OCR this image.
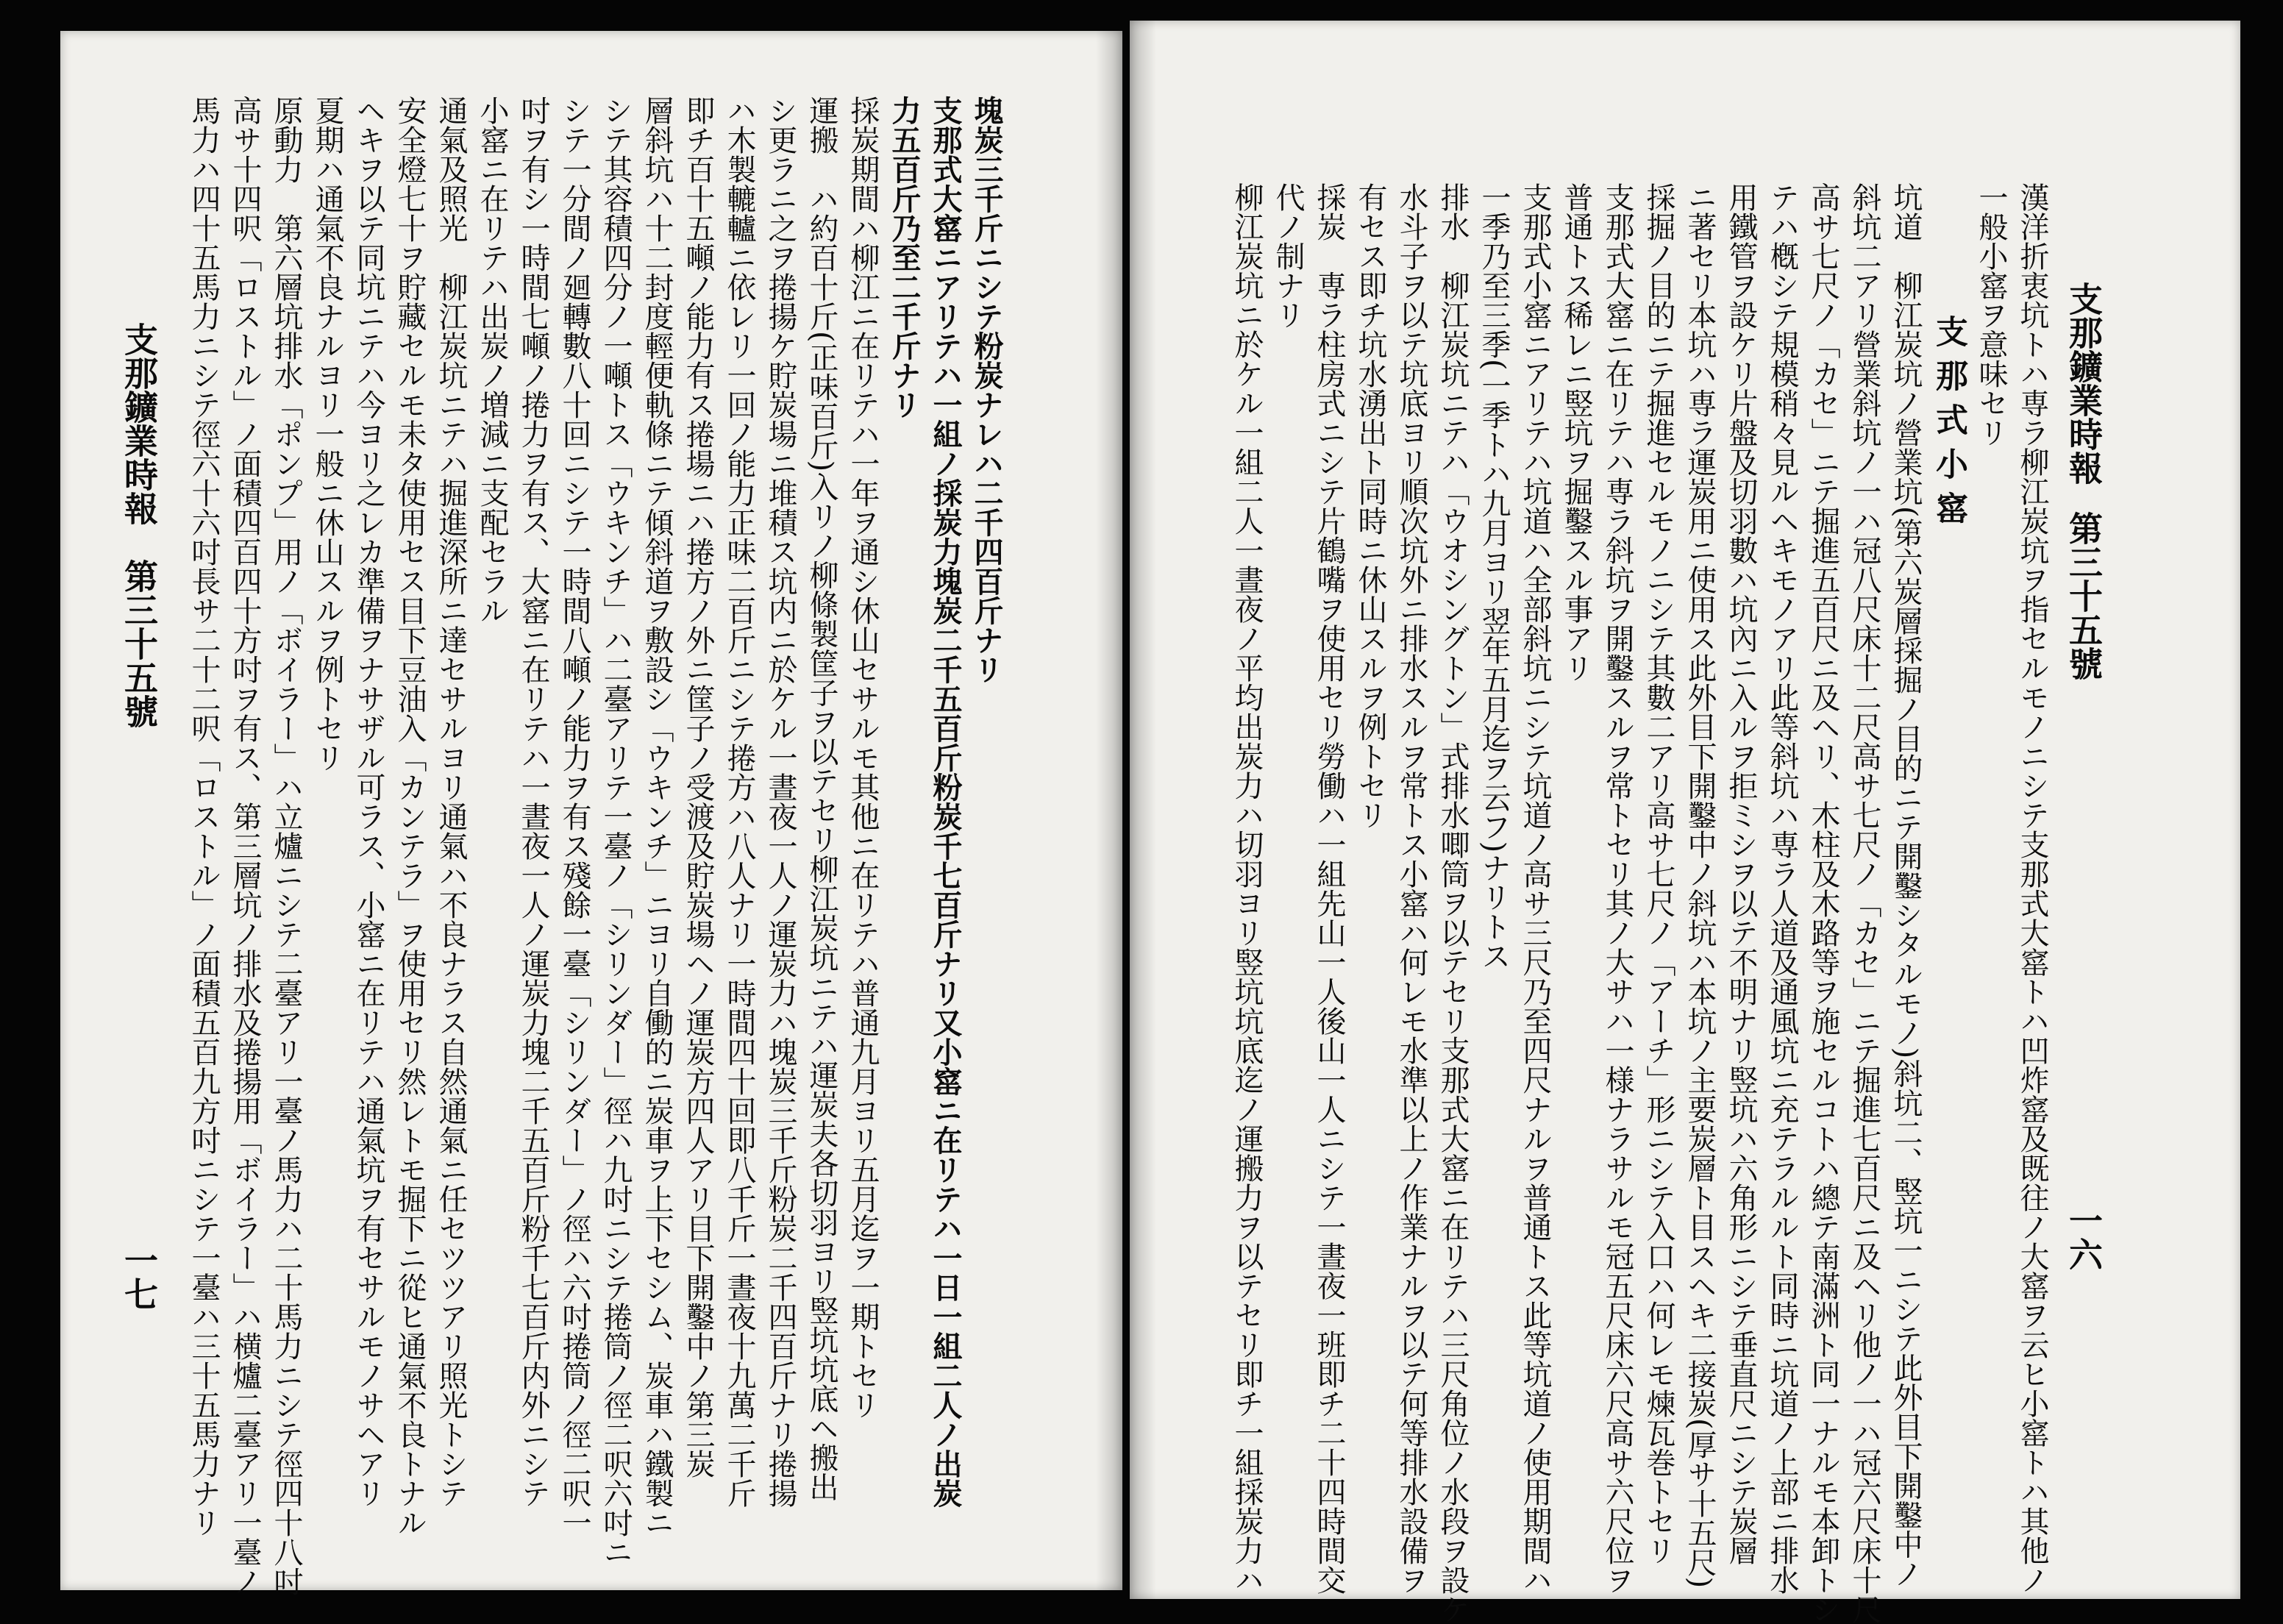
塊炭三千斤ニシテ粉炭ナレハ二千四百斤ナリ
支那式大窰ニアリテハ一組ノ採炭力塊炭二千五百斤粉炭千七百斤ナリ又小窰ニ在リテハ一日一組二人ノ出炭
力五百斤乃至二千斤ナリ
採炭期間ハ柳江ニ在リテハ一年ヲ通シ休山セサルモ其他ニ在リテハ普通九月ヨリ五月迄ヲ一期トセリ
運搬　ハ約百十斤(正味百斤)入リノ柳條製筐子ヲ以テセリ柳江炭坑ニテハ運炭夫各切羽ヨリ竪坑坑底ヘ搬出
シ更ラニ之ヲ捲揚ケ貯炭場ニ堆積ス坑内ニ於ケル一晝夜一人ノ運炭力ハ塊炭三千斤粉炭二千四百斤ナリ捲揚
ハ木製轆轤ニ依レリ一回ノ能力正味二百斤ニシテ捲方ハ八人ナリ一時間四十回即八千斤一晝夜十九萬二千斤
即チ百十五噸ノ能力有ス捲場ニハ捲方ノ外ニ筐子ノ受渡及貯炭場ヘノ運炭方四人アリ目下開鑿中ノ第三炭
層斜坑ハ十二封度輕便軌條ニテ傾斜道ヲ敷設シ「ウキンチ」ニヨリ自働的ニ炭車ヲ上下セシム、炭車ハ鐵製ニ
シテ其容積四分ノ一噸トス「ウキンチ」ハ二臺アリテ一臺ノ「シリンダー」徑ハ九吋ニシテ捲筒ノ徑二呎六吋ニ
シテ一分間ノ廻轉數八十回ニシテ一時間八噸ノ能力ヲ有ス殘餘一臺「シリンダー」ノ徑ハ六吋捲筒ノ徑二呎一
吋ヲ有シ一時間七噸ノ捲力ヲ有ス、大窰ニ在リテハ一晝夜一人ノ運炭力塊二千五百斤粉千七百斤内外ニシテ
小窰ニ在リテハ出炭ノ増減ニ支配セラル
通氣及照光　柳江炭坑ニテハ掘進深所ニ達セサルヨリ通氣ハ不良ナラス自然通氣ニ任セツツアリ照光トシテ
安全燈七十ヲ貯藏セルモ未タ使用セス目下豆油入「カンテラ」ヲ使用セリ然レトモ掘下ニ從ヒ通氣不良トナル
ヘキヲ以テ同坑ニテハ今ヨリ之レカ準備ヲナサザル可ラス、小窰ニ在リテハ通氣坑ヲ有セサルモノサヘアリ
夏期ハ通氣不良ナルヨリ一般ニ休山スルヲ例トセリ
原動力　第六層坑排水「ポンプ」用ノ「ボイラー」ハ立爐ニシテ二臺アリ一臺ノ馬力ハ二十馬力ニシテ徑四十八吋
高サ十四呎「ロストル」ノ面積四百四十方吋ヲ有ス、第三層坑ノ排水及捲揚用「ボイラー」ハ横爐二臺アリ一臺ノ
馬力ハ四十五馬力ニシテ徑六十六吋長サ二十二呎「ロストル」ノ面積五百九方吋ニシテ一臺ハ三十五馬力ナリ
支那鑛業時報
第三十五號
一七
支那鑛業時報
第三十五號
一六
漢洋折衷坑トハ専ラ柳江炭坑ヲ指セルモノニシテ支那式大窰トハ凹炸窰及既往ノ大窰ヲ云ヒ小窰トハ其他ノ
一般小窰ヲ意味セリ
支那式小窰
坑道　柳江炭坑ノ營業坑(第六炭層採掘ノ目的ニテ開鑿シタルモノ)斜坑二、竪坑一ニシテ此外目下開鑿中ノ
斜坑二アリ營業斜坑ノ一ハ冠八尺床十二尺高サ七尺ノ「カセ」ニテ掘進七百尺ニ及ヘリ他ノ一ハ冠六尺床十尺
高サ七尺ノ「カセ」ニテ掘進五百尺ニ及ヘリ、木柱及木路等ヲ施セルコトハ總テ南滿洲ト同一ナルモ本卸トシ
テハ槪シテ規模稍々見ルヘキモノアリ此等斜坑ハ専ラ人道及通風坑ニ充テラルルト同時ニ坑道ノ上部ニ排水
用鐵管ヲ設ケリ片盤及切羽數ハ坑內ニ入ルヲ拒ミシヲ以テ不明ナリ竪坑ハ六角形ニシテ垂直尺ニシテ炭層
ニ著セリ本坑ハ専ラ運炭用ニ使用ス此外目下開鑿中ノ斜坑ハ本坑ノ主要炭層ト目スヘキ二接炭(厚サ十五尺)
採掘ノ目的ニテ掘進セルモノニシテ其數二アリ高サ七尺ノ「アーチ」形ニシテ入口ハ何レモ煉瓦巻トセリ
支那式大窰ニ在リテハ専ラ斜坑ヲ開鑿スルヲ常トセリ其ノ大サハ一様ナラサルモ冠五尺床六尺高サ六尺位ヲ
普通トス稀レニ竪坑ヲ掘鑿スル事アリ
支那式小窰ニアリテハ坑道ハ全部斜坑ニシテ坑道ノ高サ三尺乃至四尺ナルヲ普通トス此等坑道ノ使用期間ハ
一季乃至三季(一季トハ九月ヨリ翌年五月迄ヲ云フ)ナリトス
排水　柳江炭坑ニテハ「ウオシングトン」式排水唧筒ヲ以テセリ支那式大窰ニ在リテハ三尺角位ノ水段ヲ設ケ
水斗子ヲ以テ坑底ヨリ順次坑外ニ排水スルヲ常トス小窰ハ何レモ水準以上ノ作業ナルヲ以テ何等排水設備ヲ
有セス即チ坑水湧出ト同時ニ休山スルヲ例トセリ
採炭　専ラ柱房式ニシテ片鶴嘴ヲ使用セリ勞働ハ一組先山一人後山一人ニシテ一晝夜一班即チ二十四時間交
代ノ制ナリ
柳江炭坑ニ於ケル一組二人一晝夜ノ平均出炭力ハ切羽ヨリ竪坑坑底迄ノ運搬力ヲ以テセリ即チ一組採炭力ハ
